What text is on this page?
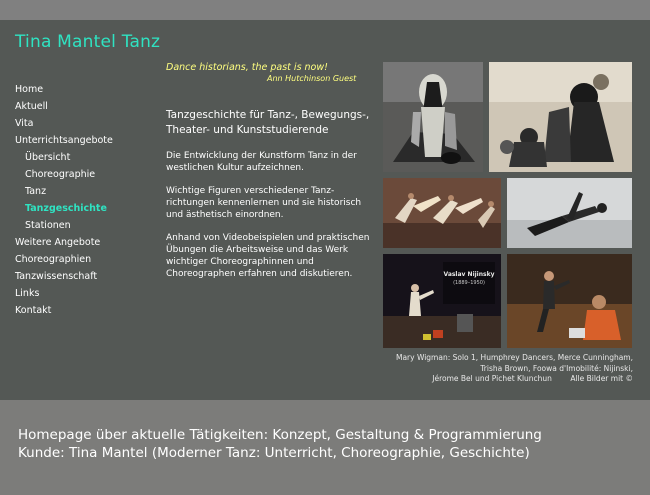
Tina Mantel Tanz
Home
Aktuell
Vita
Unterrichtsangebote
Übersicht
Choreographie
Tanz
Tanzgeschichte
Stationen
Weitere Angebote
Choreographien
Tanzwissenschaft
Links
Kontakt
Dance historians, the past is now!
Ann Hutchinson Guest
Tanzgeschichte für Tanz-, Bewegungs-, Theater- und Kunststudierende

Die Entwicklung der Kunstform Tanz in der westlichen Kultur aufzeichnen.

Wichtige Figuren verschiedener Tanz-richtungen kennenlernen und sie historisch und ästhetisch einordnen.

Anhand von Videobeispielen und praktischen Übungen die Arbeitsweise und das Werk wichtiger Choreographinnen und Choreographen erfahren und diskutieren.	Vaslav Nijinsky
(1889–1950)
Mary Wigman: Solo 1, Humphrey Dancers, Merce Cunningham,
Trisha Brown, Foowa d'Imobilité: Nijinski,
Jérome Bel und Pichet Klunchun Alle Bilder mit ©
Homepage über aktuelle Tätigkeiten: Konzept, Gestaltung & Programmierung
Kunde: Tina Mantel (Moderner Tanz: Unterricht, Choreographie, Geschichte)
